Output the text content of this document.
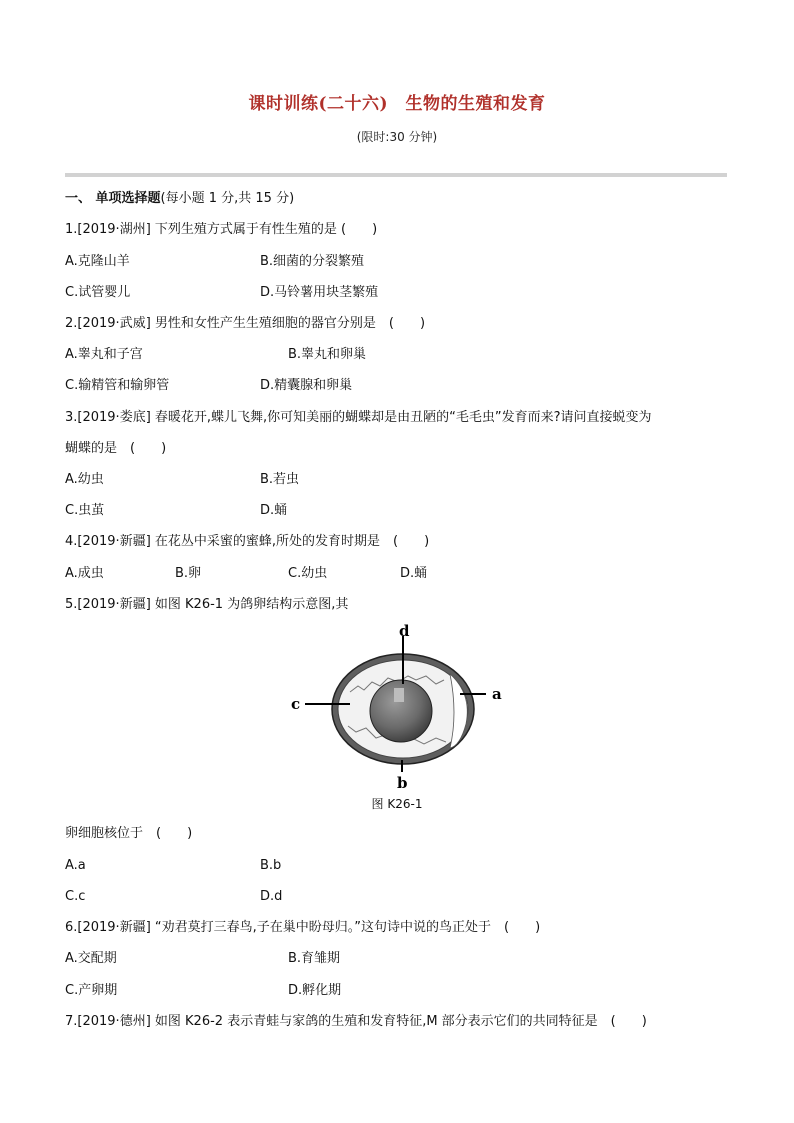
课时训练(二十六)　生物的生殖和发育
(限时:30 分钟)
一、 单项选择题(每小题 1 分,共 15 分)
1.[2019·湖州] 下列生殖方式属于有性生殖的是 (　　)
A.克隆山羊	B.细菌的分裂繁殖
C.试管婴儿	D.马铃薯用块茎繁殖
2.[2019·武威] 男性和女性产生生殖细胞的器官分别是　(　　)
A.睾丸和子宫	B.睾丸和卵巢
C.输精管和输卵管	D.精囊腺和卵巢
3.[2019·娄底] 春暖花开,蝶儿飞舞,你可知美丽的蝴蝶却是由丑陋的“毛毛虫”发育而来?请问直接蜕变为
蝴蝶的是　(　　)
A.幼虫	B.若虫
C.虫茧	D.蛹
4.[2019·新疆] 在花丛中采蜜的蜜蜂,所处的发育时期是　(　　)
A.成虫	B.卵	C.幼虫	D.蛹
5.[2019·新疆] 如图 K26-1 为鸽卵结构示意图,其
d
a
c
b
图 K26-1
卵细胞核位于　(　　)
A.a	B.b
C.c	D.d
6.[2019·新疆] “劝君莫打三春鸟,子在巢中盼母归。”这句诗中说的鸟正处于　(　　)
A.交配期	B.育雏期
C.产卵期	D.孵化期
7.[2019·德州] 如图 K26-2 表示青蛙与家鸽的生殖和发育特征,M 部分表示它们的共同特征是　(　　)
